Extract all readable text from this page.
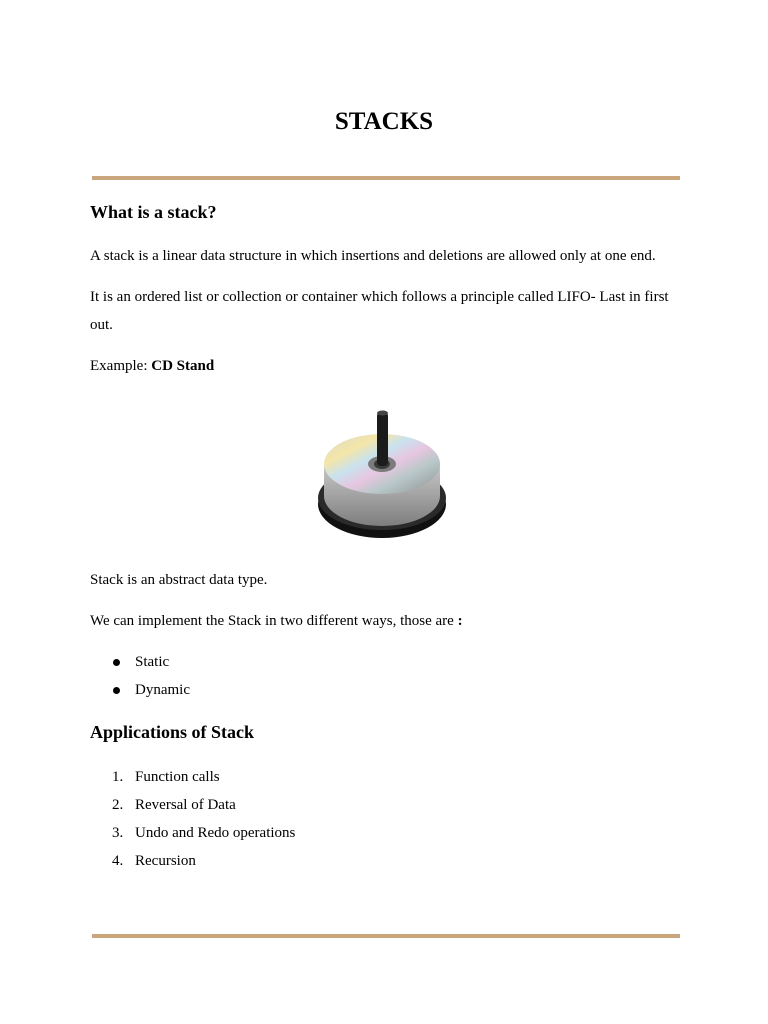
STACKS
What is a stack?

A stack is a linear data structure in which insertions and deletions are allowed only at one end.

It is an ordered list or collection or container which follows a principle called LIFO- Last in first

out.

Example: CD Stand

Stack is an abstract data type.

We can implement the Stack in two different ways, those are :

Static
Dynamic
Applications of Stack
1. Function calls
2. Reversal of Data
3. Undo and Redo operations
4. Recursion
